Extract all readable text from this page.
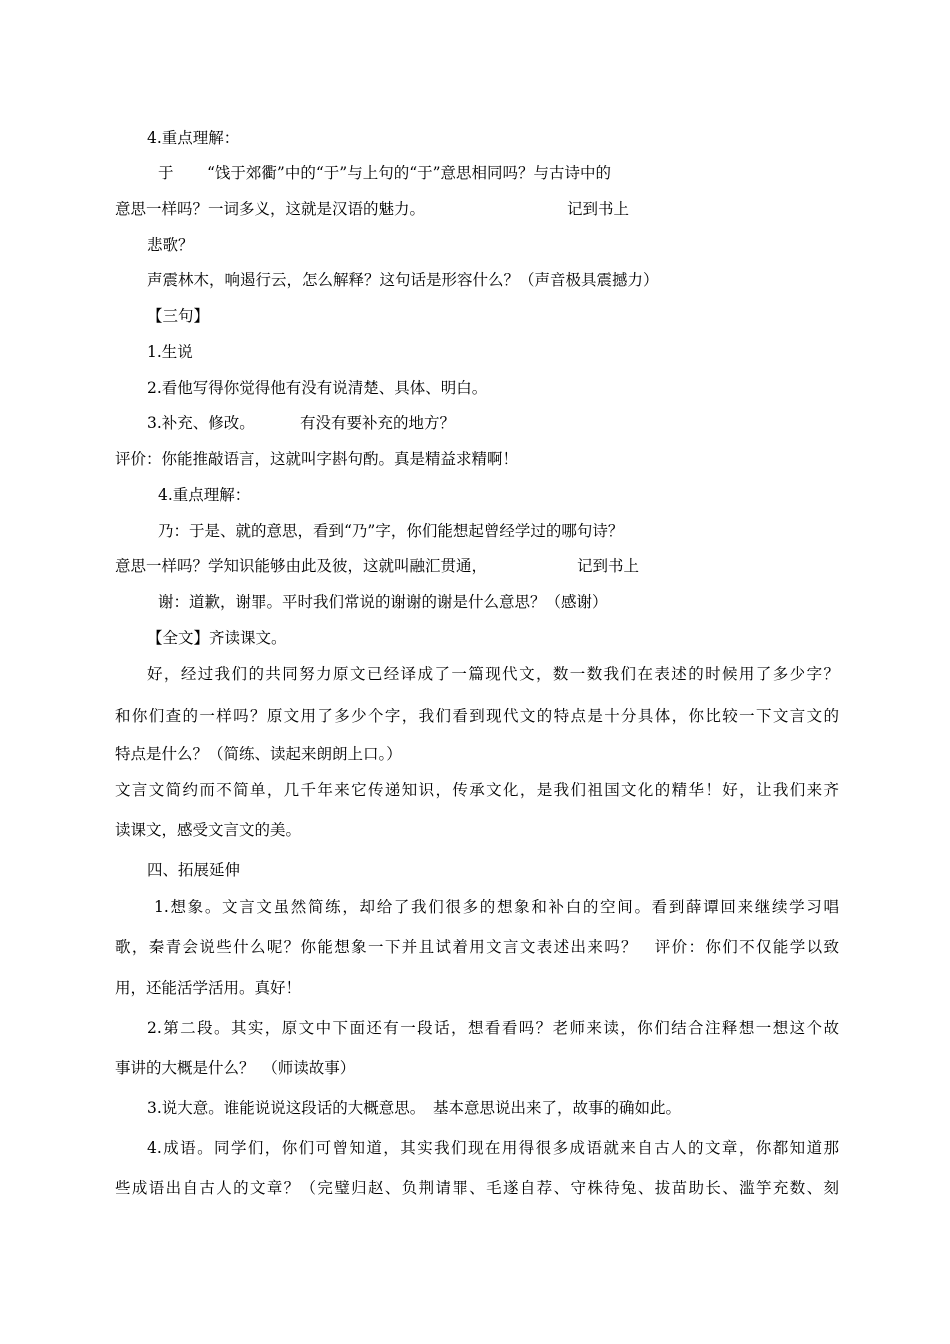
4.重点理解：
于 “饯于郊衢”中的“于”与上句的“于”意思相同吗？与古诗中的
意思一样吗？一词多义，这就是汉语的魅力。	记到书上
悲歌？
声震林木，响遏行云，怎么解释？这句话是形容什么？（声音极具震撼力）
【三句】
1.生说
2.看他写得你觉得他有没有说清楚、具体、明白。
3.补充、修改。	有没有要补充的地方？
评价：你能推敲语言，这就叫字斟句酌。真是精益求精啊！
4.重点理解：
乃：于是、就的意思，看到“乃”字，你们能想起曾经学过的哪句诗？
意思一样吗？学知识能够由此及彼，这就叫融汇贯通，	记到书上
谢：道歉，谢罪。平时我们常说的谢谢的谢是什么意思？（感谢）
【全文】齐读课文。
好，经过我们的共同努力原文已经译成了一篇现代文，数一数我们在表述的时候用了多少字？
和你们查的一样吗？原文用了多少个字，我们看到现代文的特点是十分具体，你比较一下文言文的
特点是什么？（简练、读起来朗朗上口。）
文言文简约而不简单，几千年来它传递知识，传承文化，是我们祖国文化的精华！好，让我们来齐
读课文，感受文言文的美。
四、拓展延伸
1.想象。文言文虽然简练，却给了我们很多的想象和补白的空间。看到薛谭回来继续学习唱
歌，秦青会说些什么呢？你能想象一下并且试着用文言文表述出来吗？　评价：你们不仅能学以致
用，还能活学活用。真好！
2.第二段。其实，原文中下面还有一段话，想看看吗？老师来读，你们结合注释想一想这个故
事讲的大概是什么？　（师读故事）
3.说大意。谁能说说这段话的大概意思。　基本意思说出来了，故事的确如此。
4.成语。同学们，你们可曾知道，其实我们现在用得很多成语就来自古人的文章，你都知道那
些成语出自古人的文章？（完璧归赵、负荆请罪、毛遂自荐、守株待兔、拔苗助长、滥竽充数、刻
